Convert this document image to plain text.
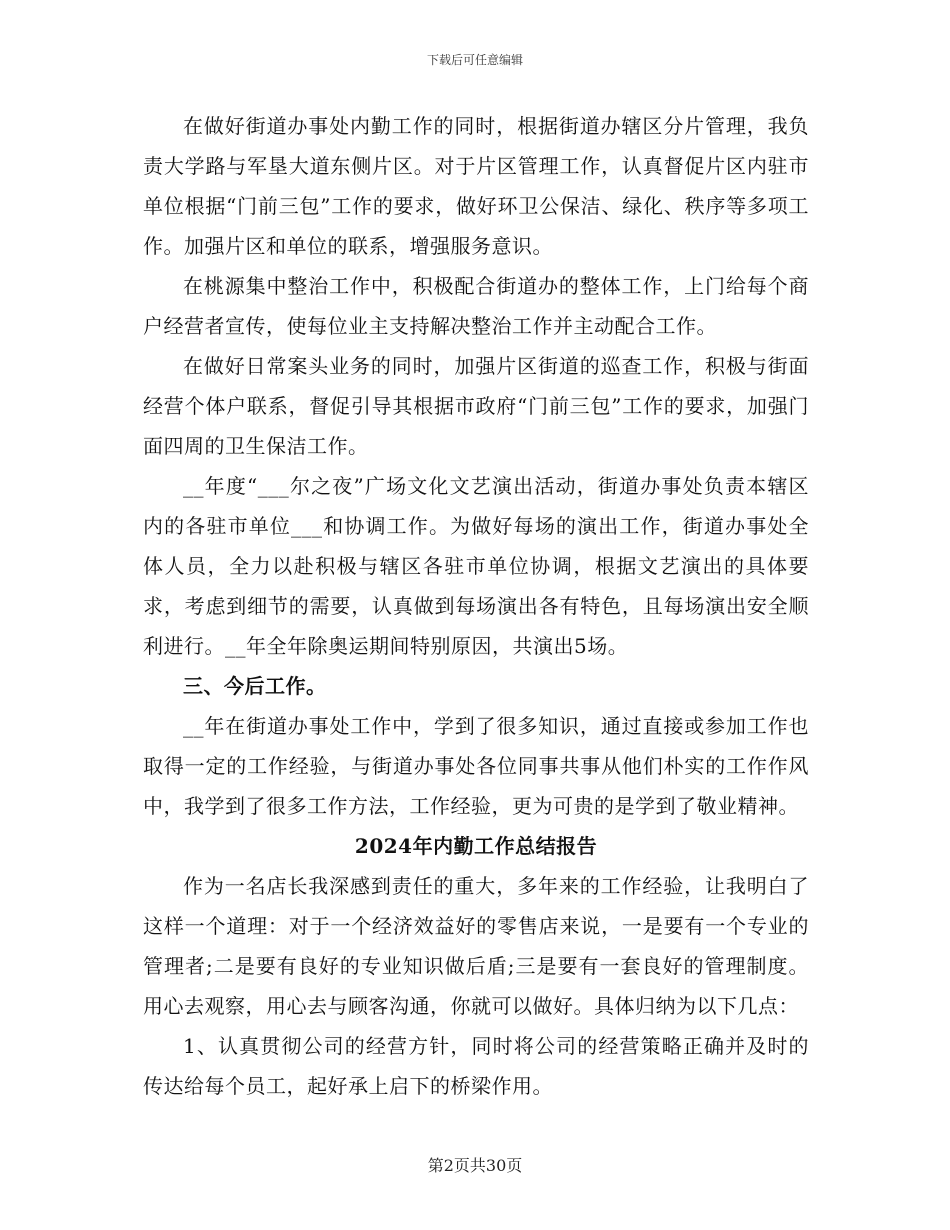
下载后可任意编辑

在做好街道办事处内勤工作的同时，根据街道办辖区分片管理，我负责大学路与军垦大道东侧片区。对于片区管理工作，认真督促片区内驻市单位根据“门前三包”工作的要求，做好环卫公保洁、绿化、秩序等多项工作。加强片区和单位的联系，增强服务意识。

在桃源集中整治工作中，积极配合街道办的整体工作，上门给每个商户经营者宣传，使每位业主支持解决整治工作并主动配合工作。

在做好日常案头业务的同时，加强片区街道的巡查工作，积极与街面经营个体户联系，督促引导其根据市政府“门前三包”工作的要求，加强门面四周的卫生保洁工作。

__年度“___尔之夜”广场文化文艺演出活动，街道办事处负责本辖区内的各驻市单位___和协调工作。为做好每场的演出工作，街道办事处全体人员，全力以赴积极与辖区各驻市单位协调，根据文艺演出的具体要求，考虑到细节的需要，认真做到每场演出各有特色，且每场演出安全顺利进行。__年全年除奥运期间特别原因，共演出5场。

三、今后工作。

__年在街道办事处工作中，学到了很多知识，通过直接或参加工作也取得一定的工作经验，与街道办事处各位同事共事从他们朴实的工作作风中，我学到了很多工作方法，工作经验，更为可贵的是学到了敬业精神。

2024年内勤工作总结报告

作为一名店长我深感到责任的重大，多年来的工作经验，让我明白了这样一个道理：对于一个经济效益好的零售店来说，一是要有一个专业的管理者;二是要有良好的专业知识做后盾;三是要有一套良好的管理制度。用心去观察，用心去与顾客沟通，你就可以做好。具体归纳为以下几点：

1、认真贯彻公司的经营方针，同时将公司的经营策略正确并及时的传达给每个员工，起好承上启下的桥梁作用。

第2页共30页
